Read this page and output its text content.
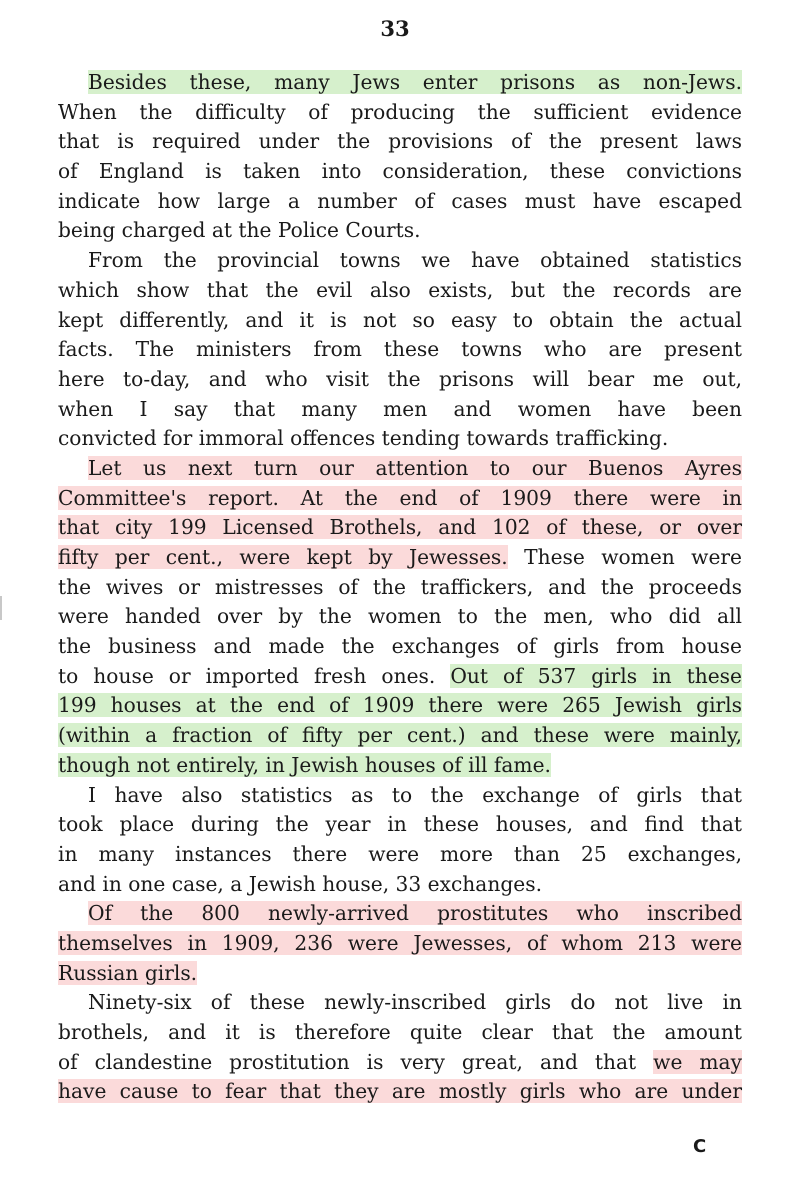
33
Besides these, many Jews enter prisons as non-Jews.
When the difficulty of producing the sufficient evidence
that is required under the provisions of the present laws
of England is taken into consideration, these convictions
indicate how large a number of cases must have escaped
being charged at the Police Courts.
From the provincial towns we have obtained statistics
which show that the evil also exists, but the records are
kept differently, and it is not so easy to obtain the actual
facts. The ministers from these towns who are present
here to-day, and who visit the prisons will bear me out,
when I say that many men and women have been
convicted for immoral offences tending towards trafficking.
Let us next turn our attention to our Buenos Ayres
Committee's report. At the end of 1909 there were in
that city 199 Licensed Brothels, and 102 of these, or over
fifty per cent., were kept by Jewesses. These women were
the wives or mistresses of the traffickers, and the proceeds
were handed over by the women to the men, who did all
the business and made the exchanges of girls from house
to house or imported fresh ones. Out of 537 girls in these
199 houses at the end of 1909 there were 265 Jewish girls
(within a fraction of fifty per cent.) and these were mainly,
though not entirely, in Jewish houses of ill fame.
I have also statistics as to the exchange of girls that
took place during the year in these houses, and find that
in many instances there were more than 25 exchanges,
and in one case, a Jewish house, 33 exchanges.
Of the 800 newly-arrived prostitutes who inscribed
themselves in 1909, 236 were Jewesses, of whom 213 were
Russian girls.
Ninety-six of these newly-inscribed girls do not live in
brothels, and it is therefore quite clear that the amount
of clandestine prostitution is very great, and that we may
have cause to fear that they are mostly girls who are under
C
